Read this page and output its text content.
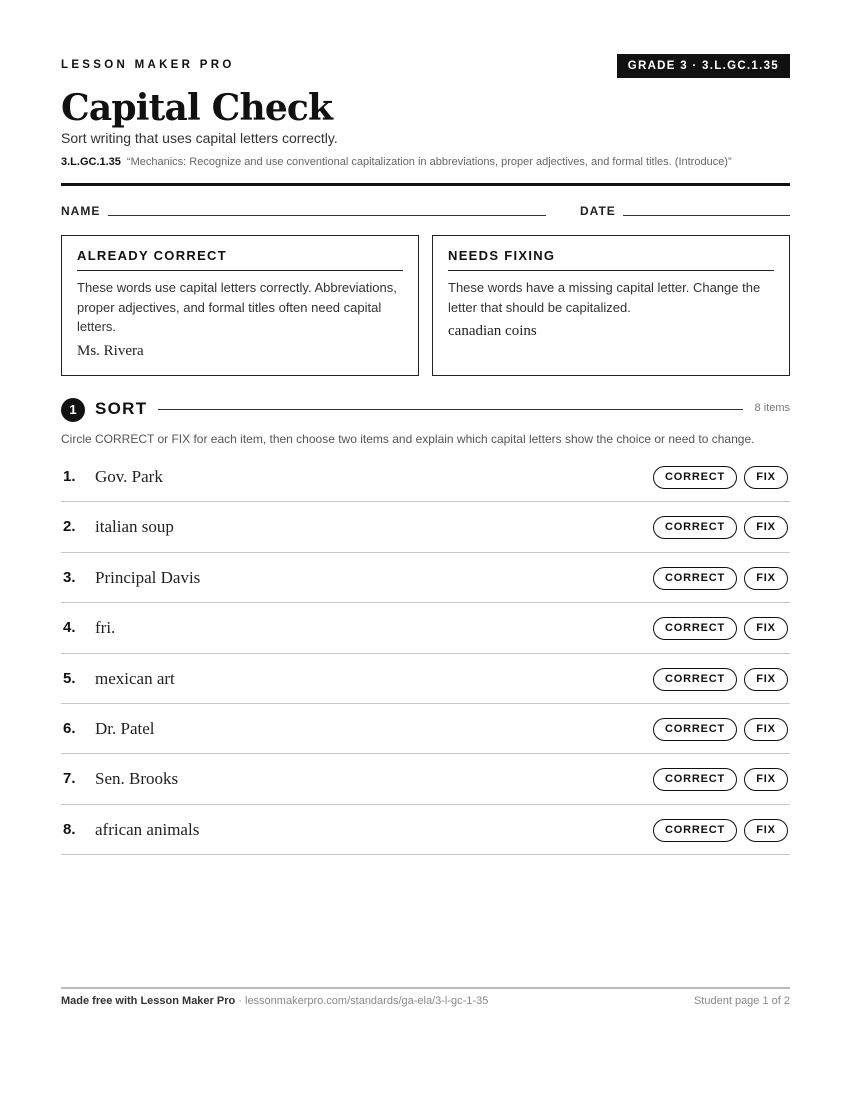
LESSON MAKER PRO	GRADE 3 · 3.L.GC.1.35
Capital Check
Sort writing that uses capital letters correctly.
3.L.GC.1.35 “Mechanics: Recognize and use conventional capitalization in abbreviations, proper adjectives, and formal titles. (Introduce)”
NAME	DATE
ALREADY CORRECT

These words use capital letters correctly. Abbreviations, proper adjectives, and formal titles often need capital letters.

Ms. Rivera
NEEDS FIXING

These words have a missing capital letter. Change the letter that should be capitalized.

canadian coins
1	SORT	8 items
Circle CORRECT or FIX for each item, then choose two items and explain which capital letters show the choice or need to change.
1. Gov. Park	CORRECT	FIX
2. italian soup	CORRECT	FIX
3. Principal Davis	CORRECT	FIX
4. fri.	CORRECT	FIX
5. mexican art	CORRECT	FIX
6. Dr. Patel	CORRECT	FIX
7. Sen. Brooks	CORRECT	FIX
8. african animals	CORRECT	FIX
Made free with Lesson Maker Pro · lessonmakerpro.com/standards/ga-ela/3-l-gc-1-35	Student page 1 of 2
